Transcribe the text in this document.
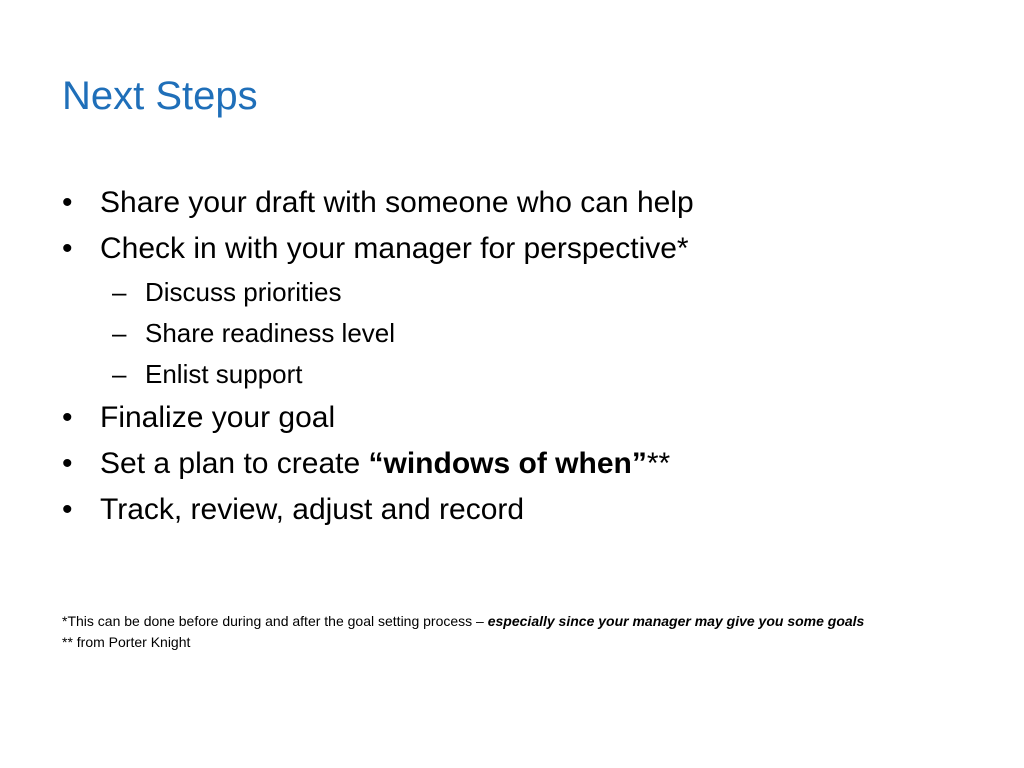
Next Steps
• Share your draft with someone who can help
• Check in with your manager for perspective*
– Discuss priorities
– Share readiness level
– Enlist support
• Finalize your goal
• Set a plan to create “windows of when”**
• Track, review, adjust and record
*This can be done before during and after the goal setting process – especially since your manager may give you some goals
** from Porter Knight
